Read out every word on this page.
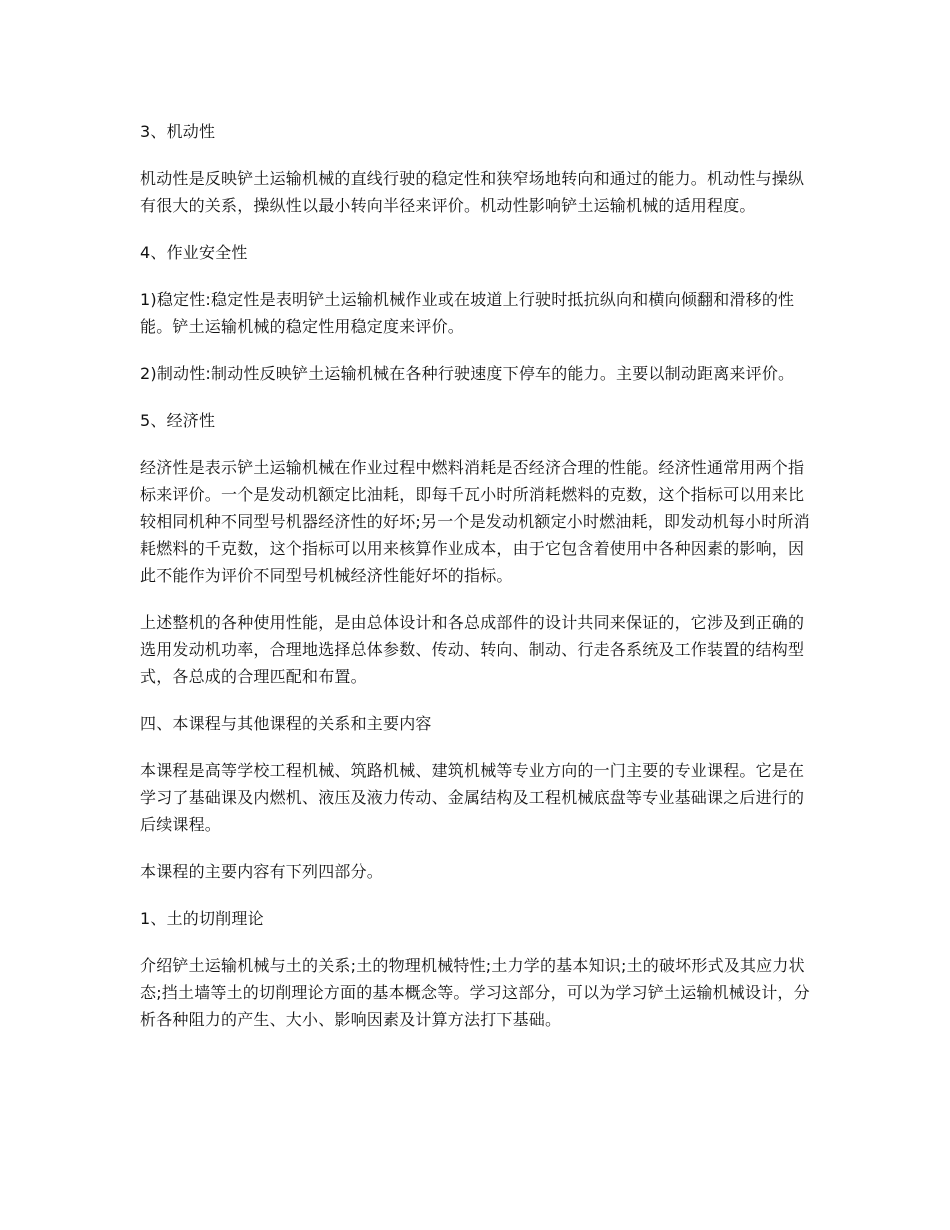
3、机动性

机动性是反映铲土运输机械的直线行驶的稳定性和狭窄场地转向和通过的能力。机动性与操纵有很大的关系，操纵性以最小转向半径来评价。机动性影响铲土运输机械的适用程度。

4、作业安全性

1)稳定性:稳定性是表明铲土运输机械作业或在坡道上行驶时抵抗纵向和横向倾翻和滑移的性能。铲土运输机械的稳定性用稳定度来评价。

2)制动性:制动性反映铲土运输机械在各种行驶速度下停车的能力。主要以制动距离来评价。

5、经济性

经济性是表示铲土运输机械在作业过程中燃料消耗是否经济合理的性能。经济性通常用两个指标来评价。一个是发动机额定比油耗，即每千瓦小时所消耗燃料的克数，这个指标可以用来比较相同机种不同型号机器经济性的好坏;另一个是发动机额定小时燃油耗，即发动机每小时所消耗燃料的千克数，这个指标可以用来核算作业成本，由于它包含着使用中各种因素的影响，因此不能作为评价不同型号机械经济性能好坏的指标。

上述整机的各种使用性能，是由总体设计和各总成部件的设计共同来保证的，它涉及到正确的选用发动机功率，合理地选择总体参数、传动、转向、制动、行走各系统及工作装置的结构型式，各总成的合理匹配和布置。

四、本课程与其他课程的关系和主要内容

本课程是高等学校工程机械、筑路机械、建筑机械等专业方向的一门主要的专业课程。它是在学习了基础课及内燃机、液压及液力传动、金属结构及工程机械底盘等专业基础课之后进行的后续课程。

本课程的主要内容有下列四部分。

1、土的切削理论

介绍铲土运输机械与土的关系;土的物理机械特性;土力学的基本知识;土的破坏形式及其应力状态;挡土墙等土的切削理论方面的基本概念等。学习这部分，可以为学习铲土运输机械设计，分析各种阻力的产生、大小、影响因素及计算方法打下基础。
